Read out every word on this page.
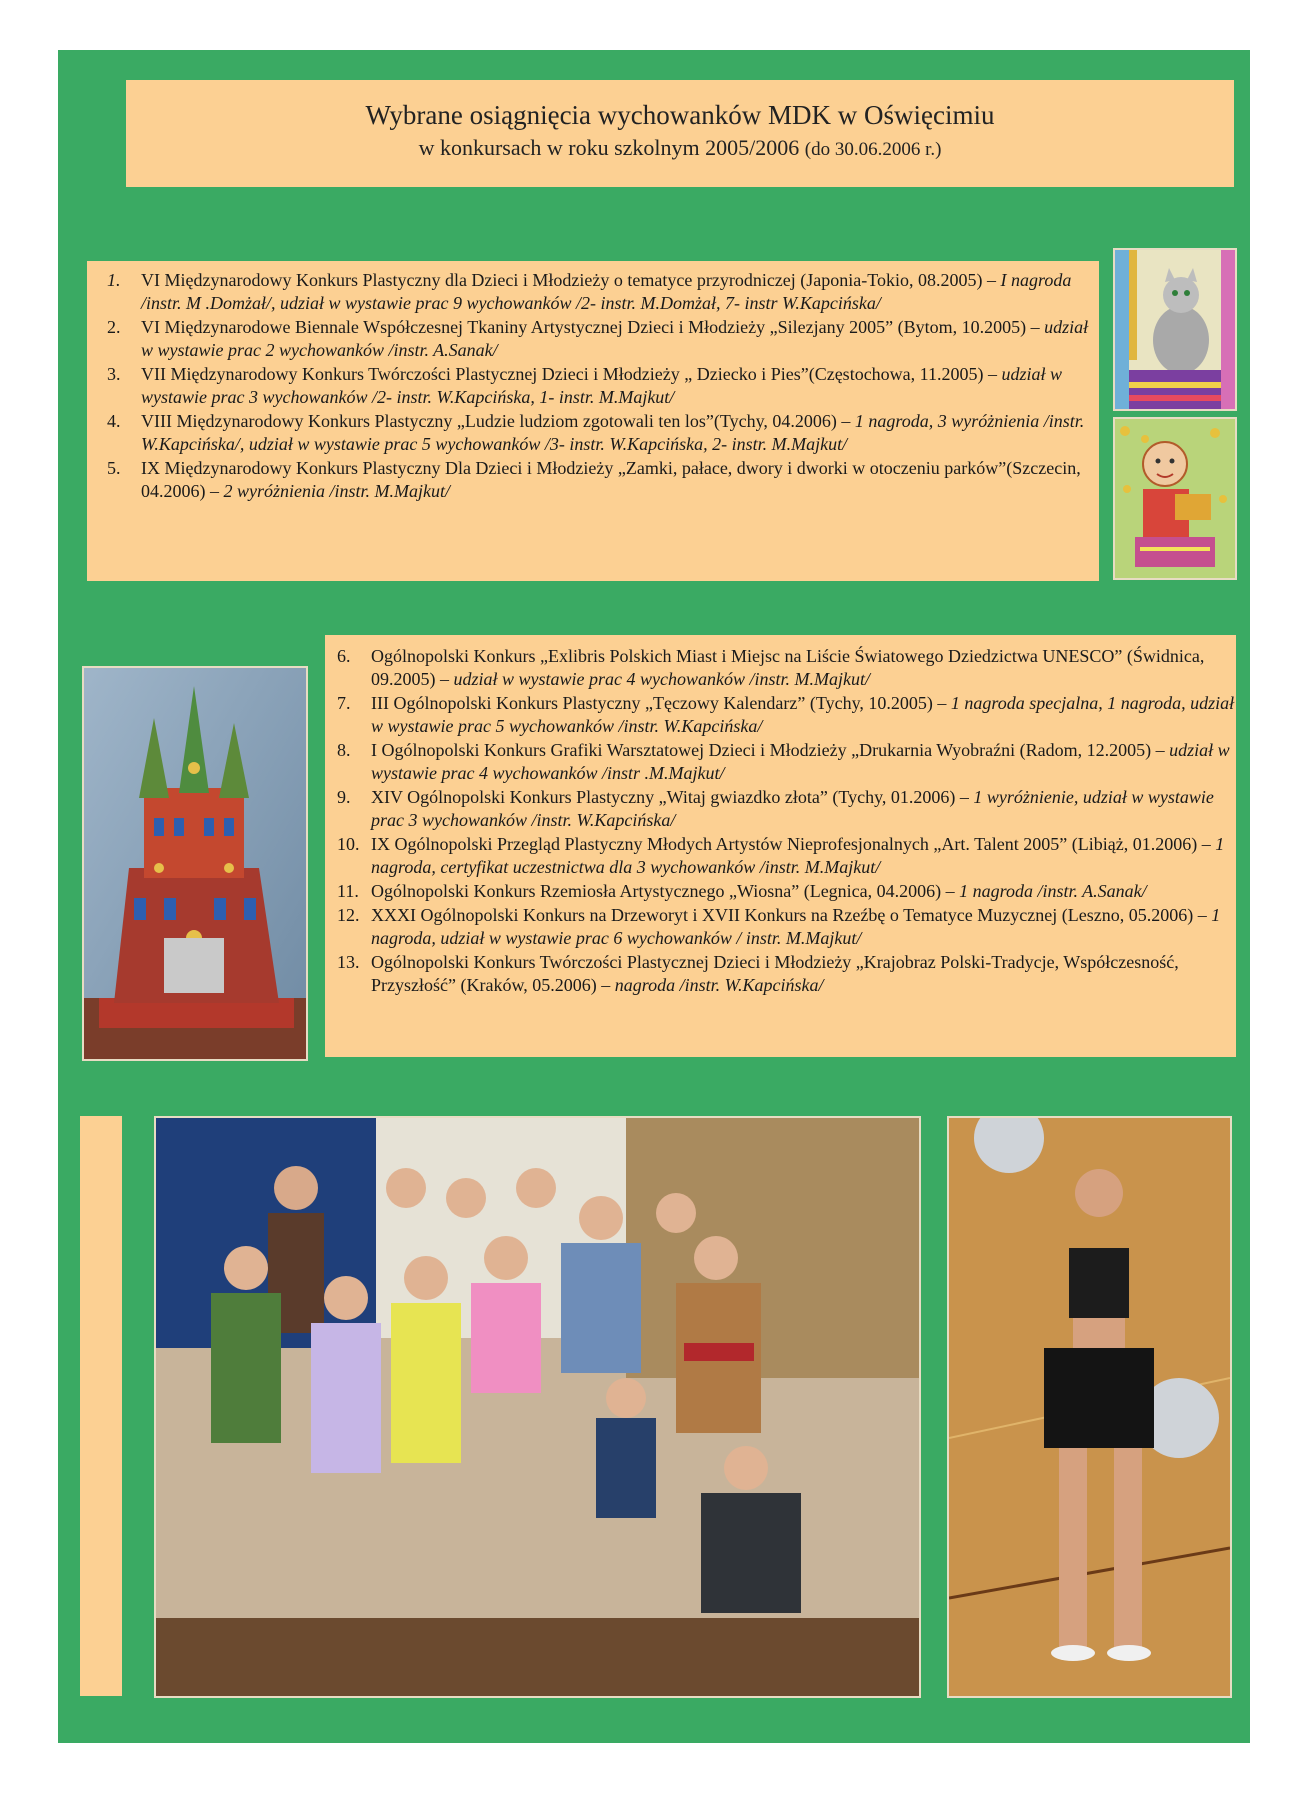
Wybrane osiągnięcia wychowanków MDK w Oświęcimiu
w konkursach w roku szkolnym 2005/2006 (do 30.06.2006 r.)
1.	VI Międzynarodowy Konkurs Plastyczny dla Dzieci i Młodzieży o tematyce przyrodniczej (Japonia-Tokio, 08.2005) – I nagroda /instr. M .Domżał/, udział w wystawie prac 9 wychowanków /2- instr. M.Domżał, 7- instr W.Kapcińska/
2.	VI Międzynarodowe Biennale Współczesnej Tkaniny Artystycznej Dzieci i Młodzieży „Silezjany 2005” (Bytom, 10.2005) – udział w wystawie prac 2 wychowanków /instr. A.Sanak/
3.	VII Międzynarodowy Konkurs Twórczości Plastycznej Dzieci i Młodzieży „ Dziecko i Pies”(Częstochowa, 11.2005) – udział w wystawie prac 3 wychowanków /2- instr. W.Kapcińska, 1- instr. M.Majkut/
4.	VIII Międzynarodowy Konkurs Plastyczny „Ludzie ludziom zgotowali ten los”(Tychy, 04.2006) – 1 nagroda, 3 wyróżnienia /instr. W.Kapcińska/, udział w wystawie prac 5 wychowanków /3- instr. W.Kapcińska, 2- instr. M.Majkut/
5.	IX Międzynarodowy Konkurs Plastyczny Dla Dzieci i Młodzieży „Zamki, pałace, dwory i dworki w otoczeniu parków”(Szczecin, 04.2006) – 2 wyróżnienia /instr. M.Majkut/
6.	Ogólnopolski Konkurs „Exlibris Polskich Miast i Miejsc na Liście Światowego Dziedzictwa UNESCO” (Świdnica, 09.2005) – udział w wystawie prac 4 wychowanków /instr. M.Majkut/
7.	III Ogólnopolski Konkurs Plastyczny „Tęczowy Kalendarz” (Tychy, 10.2005) – 1 nagroda specjalna, 1 nagroda, udział w wystawie prac 5 wychowanków /instr. W.Kapcińska/
8.	I Ogólnopolski Konkurs Grafiki Warsztatowej Dzieci i Młodzieży „Drukarnia Wyobraźni (Radom, 12.2005) – udział w wystawie prac 4 wychowanków /instr .M.Majkut/
9.	XIV Ogólnopolski Konkurs Plastyczny „Witaj gwiazdko złota” (Tychy, 01.2006) – 1 wyróżnienie, udział w wystawie prac 3 wychowanków /instr. W.Kapcińska/
10. IX Ogólnopolski Przegląd Plastyczny Młodych Artystów Nieprofesjonalnych „Art. Talent 2005” (Libiąż, 01.2006) – 1 nagroda, certyfikat uczestnictwa dla 3 wychowanków /instr. M.Majkut/
11. Ogólnopolski Konkurs Rzemiosła Artystycznego „Wiosna” (Legnica, 04.2006) – 1 nagroda /instr. A.Sanak/
12. XXXI Ogólnopolski Konkurs na Drzeworyt i XVII Konkurs na Rzeźbę o Tematyce Muzycznej (Leszno, 05.2006) – 1 nagroda, udział w wystawie prac 6 wychowanków / instr. M.Majkut/
13. Ogólnopolski Konkurs Twórczości Plastycznej Dzieci i Młodzieży „Krajobraz Polski-Tradycje, Współczesność, Przyszłość” (Kraków, 05.2006) – nagroda /instr. W.Kapcińska/
